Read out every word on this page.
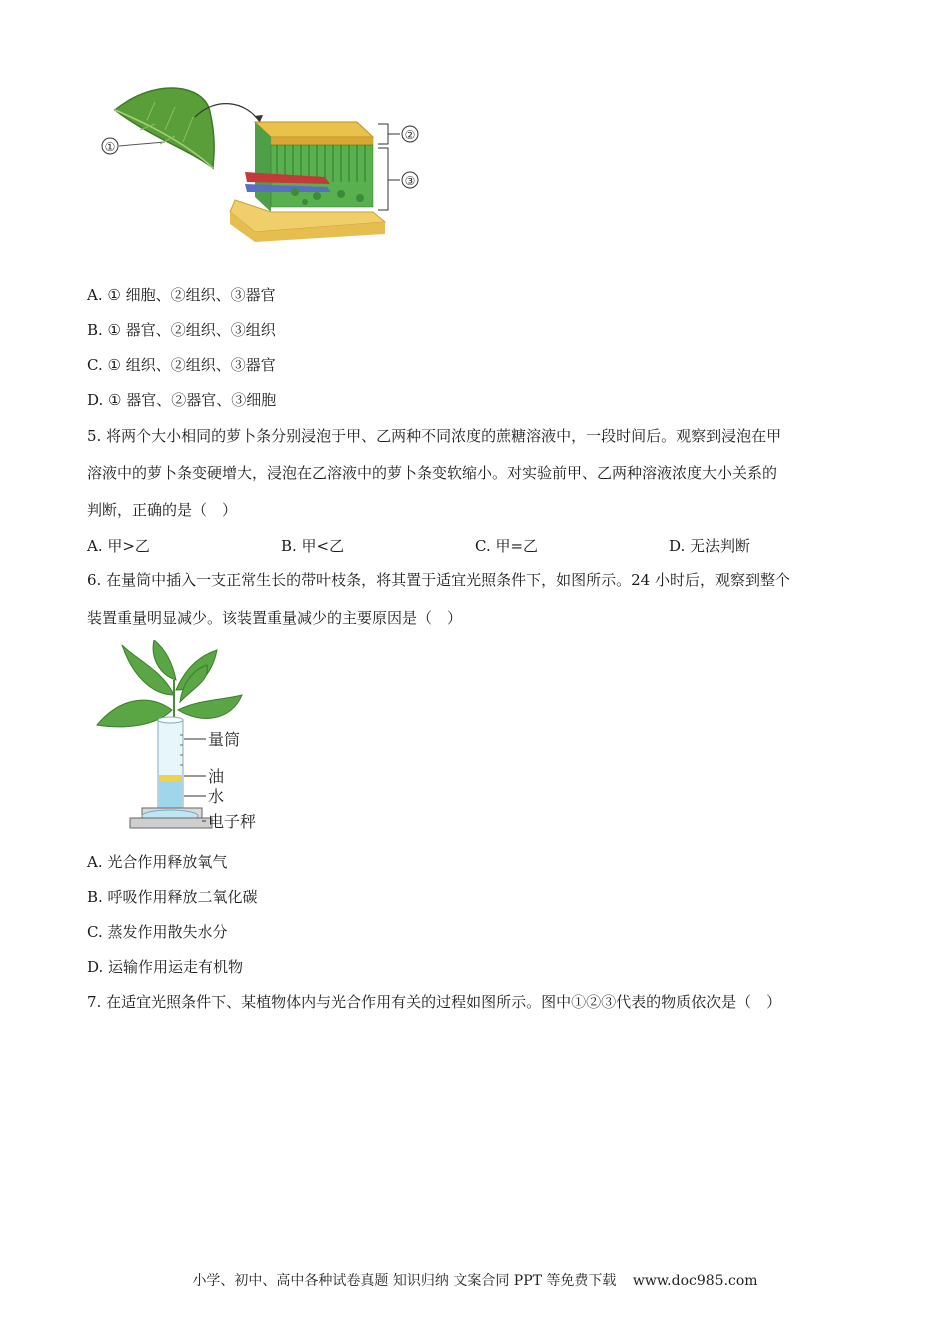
①
②
③
A. ① 细胞、②组织、③器官
B. ① 器官、②组织、③组织
C. ① 组织、②组织、③器官
D. ① 器官、②器官、③细胞
5. 将两个大小相同的萝卜条分别浸泡于甲、乙两种不同浓度的蔗糖溶液中，一段时间后。观察到浸泡在甲
溶液中的萝卜条变硬增大，浸泡在乙溶液中的萝卜条变软缩小。对实验前甲、乙两种溶液浓度大小关系的
判断，正确的是（　）
A. 甲>乙	B. 甲<乙	C. 甲=乙	D. 无法判断
6. 在量筒中插入一支正常生长的带叶枝条，将其置于适宜光照条件下，如图所示。24 小时后，观察到整个
装置重量明显减少。该装置重量减少的主要原因是（　）
量筒
油
水
电子秤
A. 光合作用释放氧气
B. 呼吸作用释放二氧化碳
C. 蒸发作用散失水分
D. 运输作用运走有机物
7. 在适宜光照条件下、某植物体内与光合作用有关的过程如图所示。图中①②③代表的物质依次是（　）
小学、初中、高中各种试卷真题 知识归纳 文案合同 PPT 等免费下载 www.doc985.com
